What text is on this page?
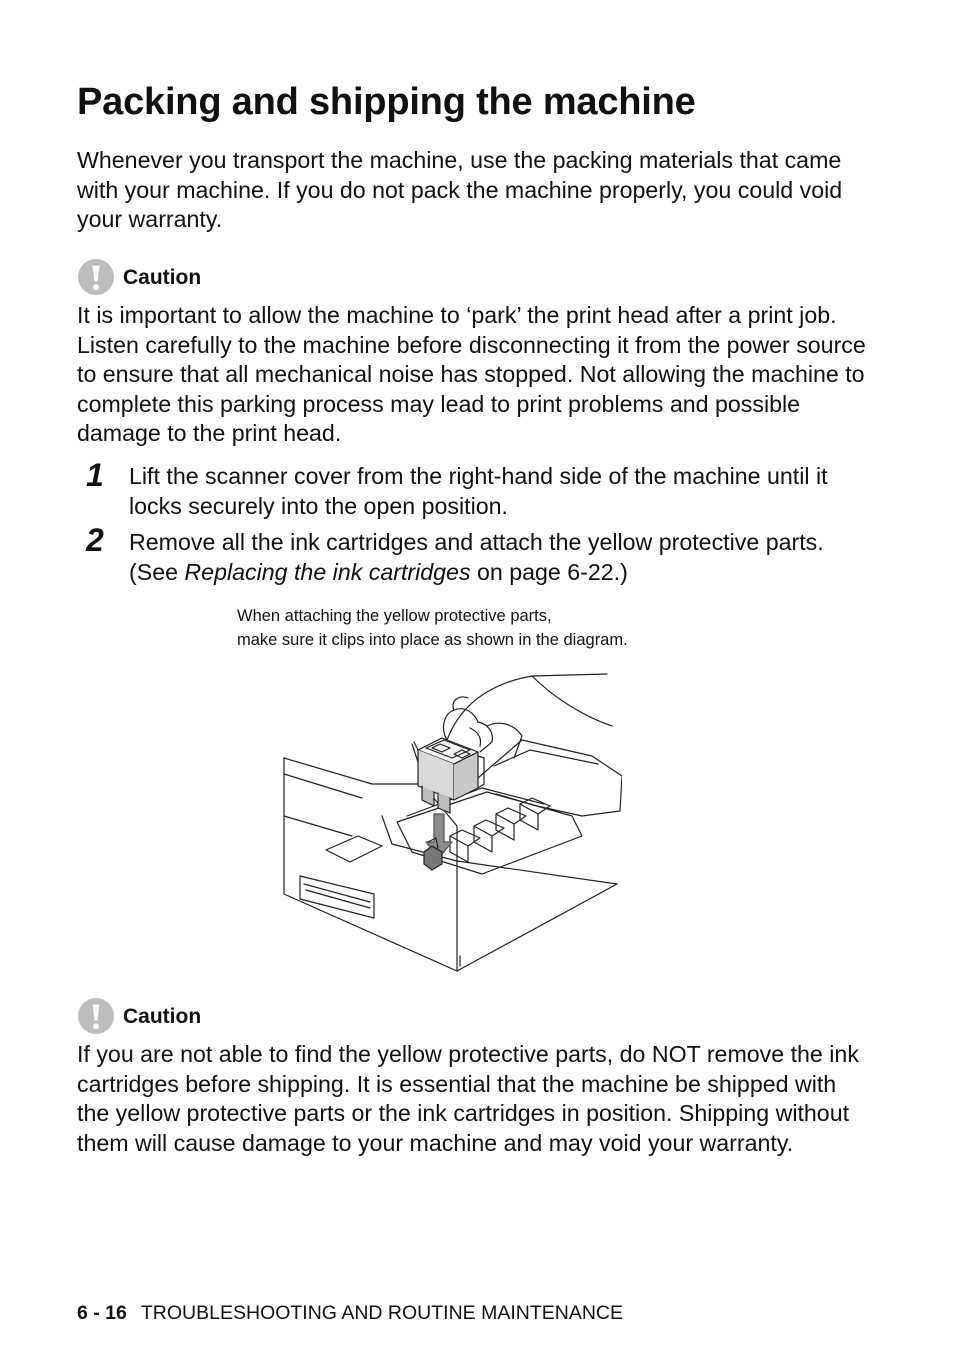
Packing and shipping the machine

Whenever you transport the machine, use the packing materials that came with your machine. If you do not pack the machine properly, you could void your warranty.

Caution

It is important to allow the machine to ‘park’ the print head after a print job. Listen carefully to the machine before disconnecting it from the power source to ensure that all mechanical noise has stopped. Not allowing the machine to complete this parking process may lead to print problems and possible damage to the print head.

1 Lift the scanner cover from the right-hand side of the machine until it locks securely into the open position.

2 Remove all the ink cartridges and attach the yellow protective parts. (See Replacing the ink cartridges on page 6-22.)

When attaching the yellow protective parts,
make sure it clips into place as shown in the diagram.

Caution

If you are not able to find the yellow protective parts, do NOT remove the ink cartridges before shipping. It is essential that the machine be shipped with the yellow protective parts or the ink cartridges in position. Shipping without them will cause damage to your machine and may void your warranty.

6 - 16 TROUBLESHOOTING AND ROUTINE MAINTENANCE
